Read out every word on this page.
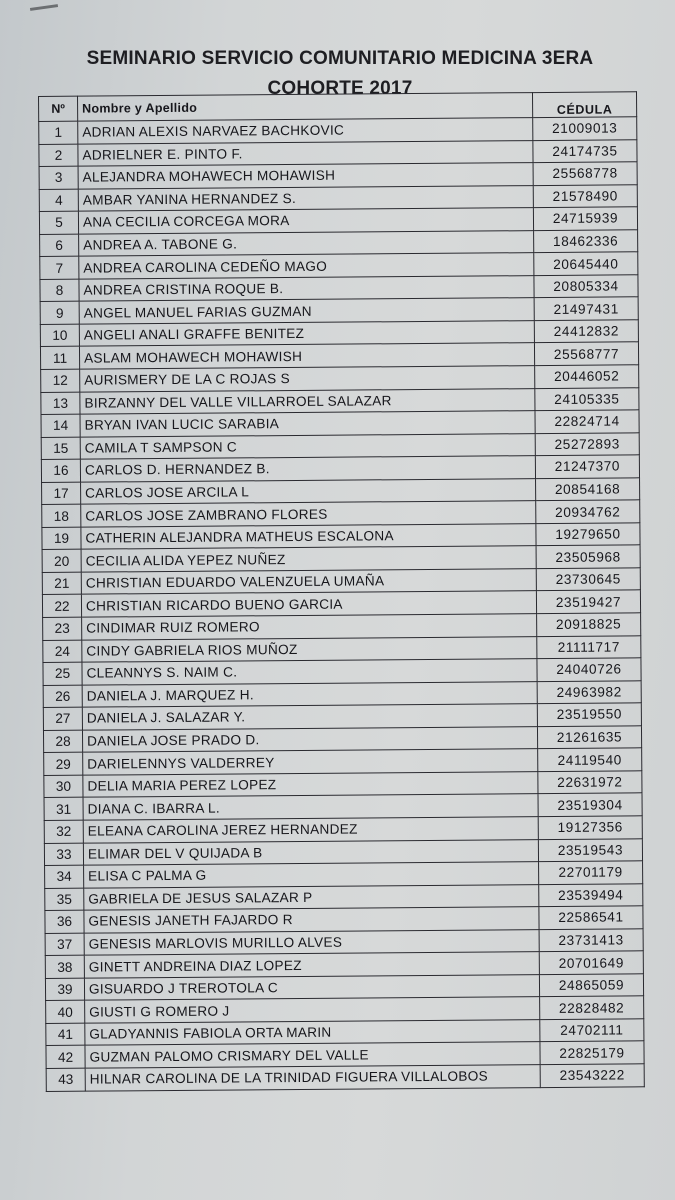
SEMINARIO SERVICIO COMUNITARIO MEDICINA 3ERA
COHORTE 2017
Nº	Nombre y Apellido	CÉDULA
1	ADRIAN ALEXIS NARVAEZ BACHKOVIC	21009013
2	ADRIELNER E. PINTO F.	24174735
3	ALEJANDRA MOHAWECH MOHAWISH	25568778
4	AMBAR YANINA HERNANDEZ S.	21578490
5	ANA CECILIA CORCEGA MORA	24715939
6	ANDREA A. TABONE G.	18462336
7	ANDREA CAROLINA CEDEÑO MAGO	20645440
8	ANDREA CRISTINA ROQUE B.	20805334
9	ANGEL MANUEL FARIAS GUZMAN	21497431
10	ANGELI ANALI GRAFFE BENITEZ	24412832
11	ASLAM MOHAWECH MOHAWISH	25568777
12	AURISMERY DE LA C ROJAS S	20446052
13	BIRZANNY DEL VALLE VILLARROEL SALAZAR	24105335
14	BRYAN IVAN LUCIC SARABIA	22824714
15	CAMILA T SAMPSON C	25272893
16	CARLOS D. HERNANDEZ B.	21247370
17	CARLOS JOSE ARCILA L	20854168
18	CARLOS JOSE ZAMBRANO FLORES	20934762
19	CATHERIN ALEJANDRA MATHEUS ESCALONA	19279650
20	CECILIA ALIDA YEPEZ NUÑEZ	23505968
21	CHRISTIAN EDUARDO VALENZUELA UMAÑA	23730645
22	CHRISTIAN RICARDO BUENO GARCIA	23519427
23	CINDIMAR RUIZ ROMERO	20918825
24	CINDY GABRIELA RIOS MUÑOZ	21111717
25	CLEANNYS S. NAIM C.	24040726
26	DANIELA J. MARQUEZ H.	24963982
27	DANIELA J. SALAZAR Y.	23519550
28	DANIELA JOSE PRADO D.	21261635
29	DARIELENNYS VALDERREY	24119540
30	DELIA MARIA PEREZ LOPEZ	22631972
31	DIANA C. IBARRA L.	23519304
32	ELEANA CAROLINA JEREZ HERNANDEZ	19127356
33	ELIMAR DEL V QUIJADA B	23519543
34	ELISA C PALMA G	22701179
35	GABRIELA DE JESUS SALAZAR P	23539494
36	GENESIS JANETH FAJARDO R	22586541
37	GENESIS MARLOVIS MURILLO ALVES	23731413
38	GINETT ANDREINA DIAZ LOPEZ	20701649
39	GISUARDO J TREROTOLA C	24865059
40	GIUSTI G ROMERO J	22828482
41	GLADYANNIS FABIOLA ORTA MARIN	24702111
42	GUZMAN PALOMO CRISMARY DEL VALLE	22825179
43	HILNAR CAROLINA DE LA TRINIDAD FIGUERA VILLALOBOS	23543222
